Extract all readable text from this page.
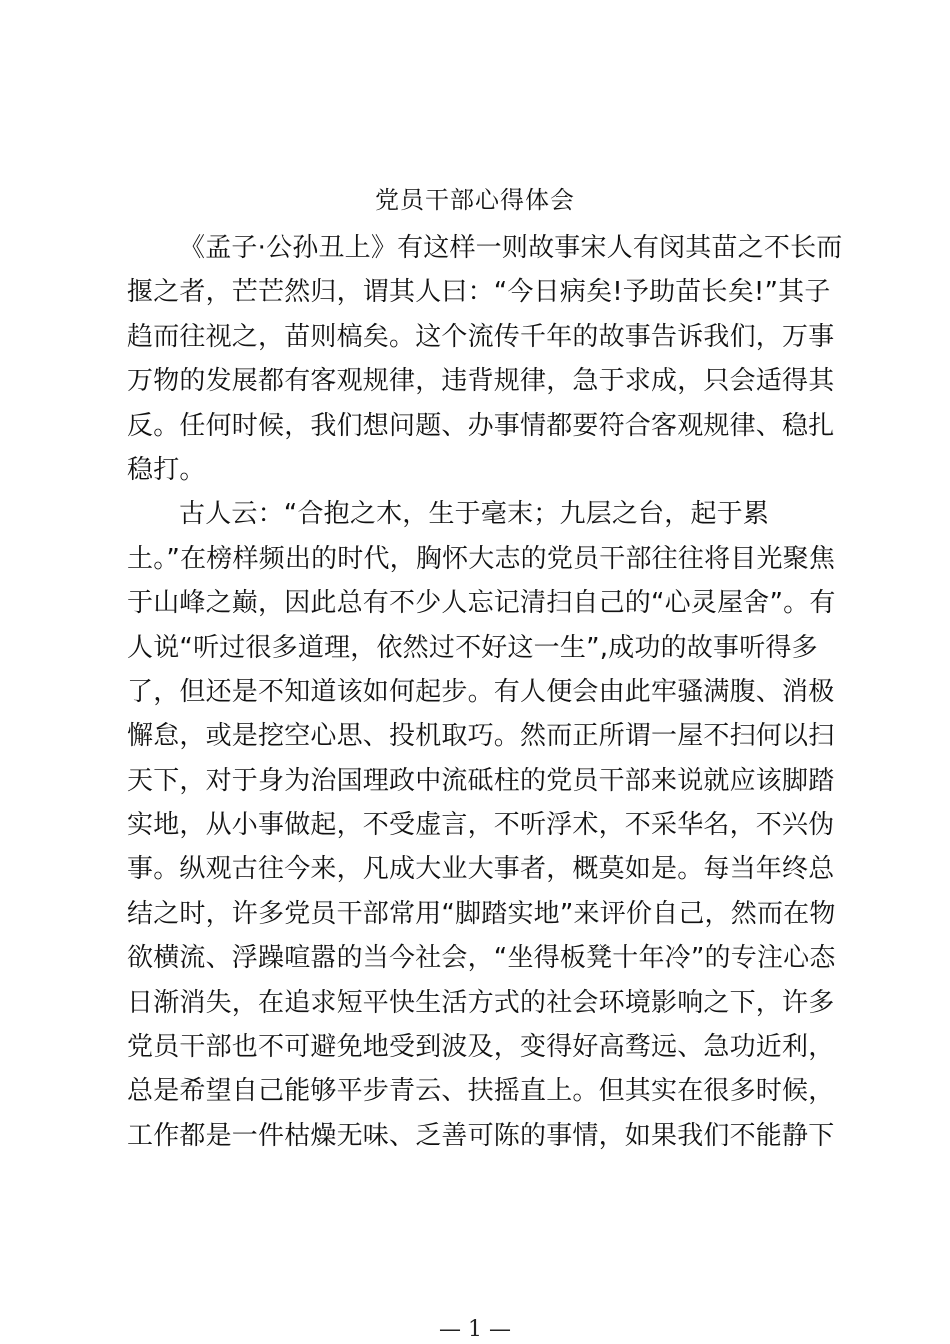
党员干部心得体会
《孟子·公孙丑上》有这样一则故事宋人有闵其苗之不长而
揠之者，芒芒然归，谓其人曰：“今日病矣!予助苗长矣!”其子
趋而往视之，苗则槁矣。这个流传千年的故事告诉我们，万事
万物的发展都有客观规律，违背规律，急于求成，只会适得其
反。任何时候，我们想问题、办事情都要符合客观规律、稳扎
稳打。
古人云：“合抱之木，生于毫末；九层之台，起于累
土。”在榜样频出的时代，胸怀大志的党员干部往往将目光聚焦
于山峰之巅，因此总有不少人忘记清扫自己的“心灵屋舍”。有
人说“听过很多道理，依然过不好这一生”,成功的故事听得多
了，但还是不知道该如何起步。有人便会由此牢骚满腹、消极
懈怠，或是挖空心思、投机取巧。然而正所谓一屋不扫何以扫
天下，对于身为治国理政中流砥柱的党员干部来说就应该脚踏
实地，从小事做起，不受虚言，不听浮术，不采华名，不兴伪
事。纵观古往今来，凡成大业大事者，概莫如是。每当年终总
结之时，许多党员干部常用“脚踏实地”来评价自己，然而在物
欲横流、浮躁喧嚣的当今社会，“坐得板凳十年冷”的专注心态
日渐消失，在追求短平快生活方式的社会环境影响之下，许多
党员干部也不可避免地受到波及，变得好高骛远、急功近利，
总是希望自己能够平步青云、扶摇直上。但其实在很多时候，
工作都是一件枯燥无味、乏善可陈的事情，如果我们不能静下
— 1 —
